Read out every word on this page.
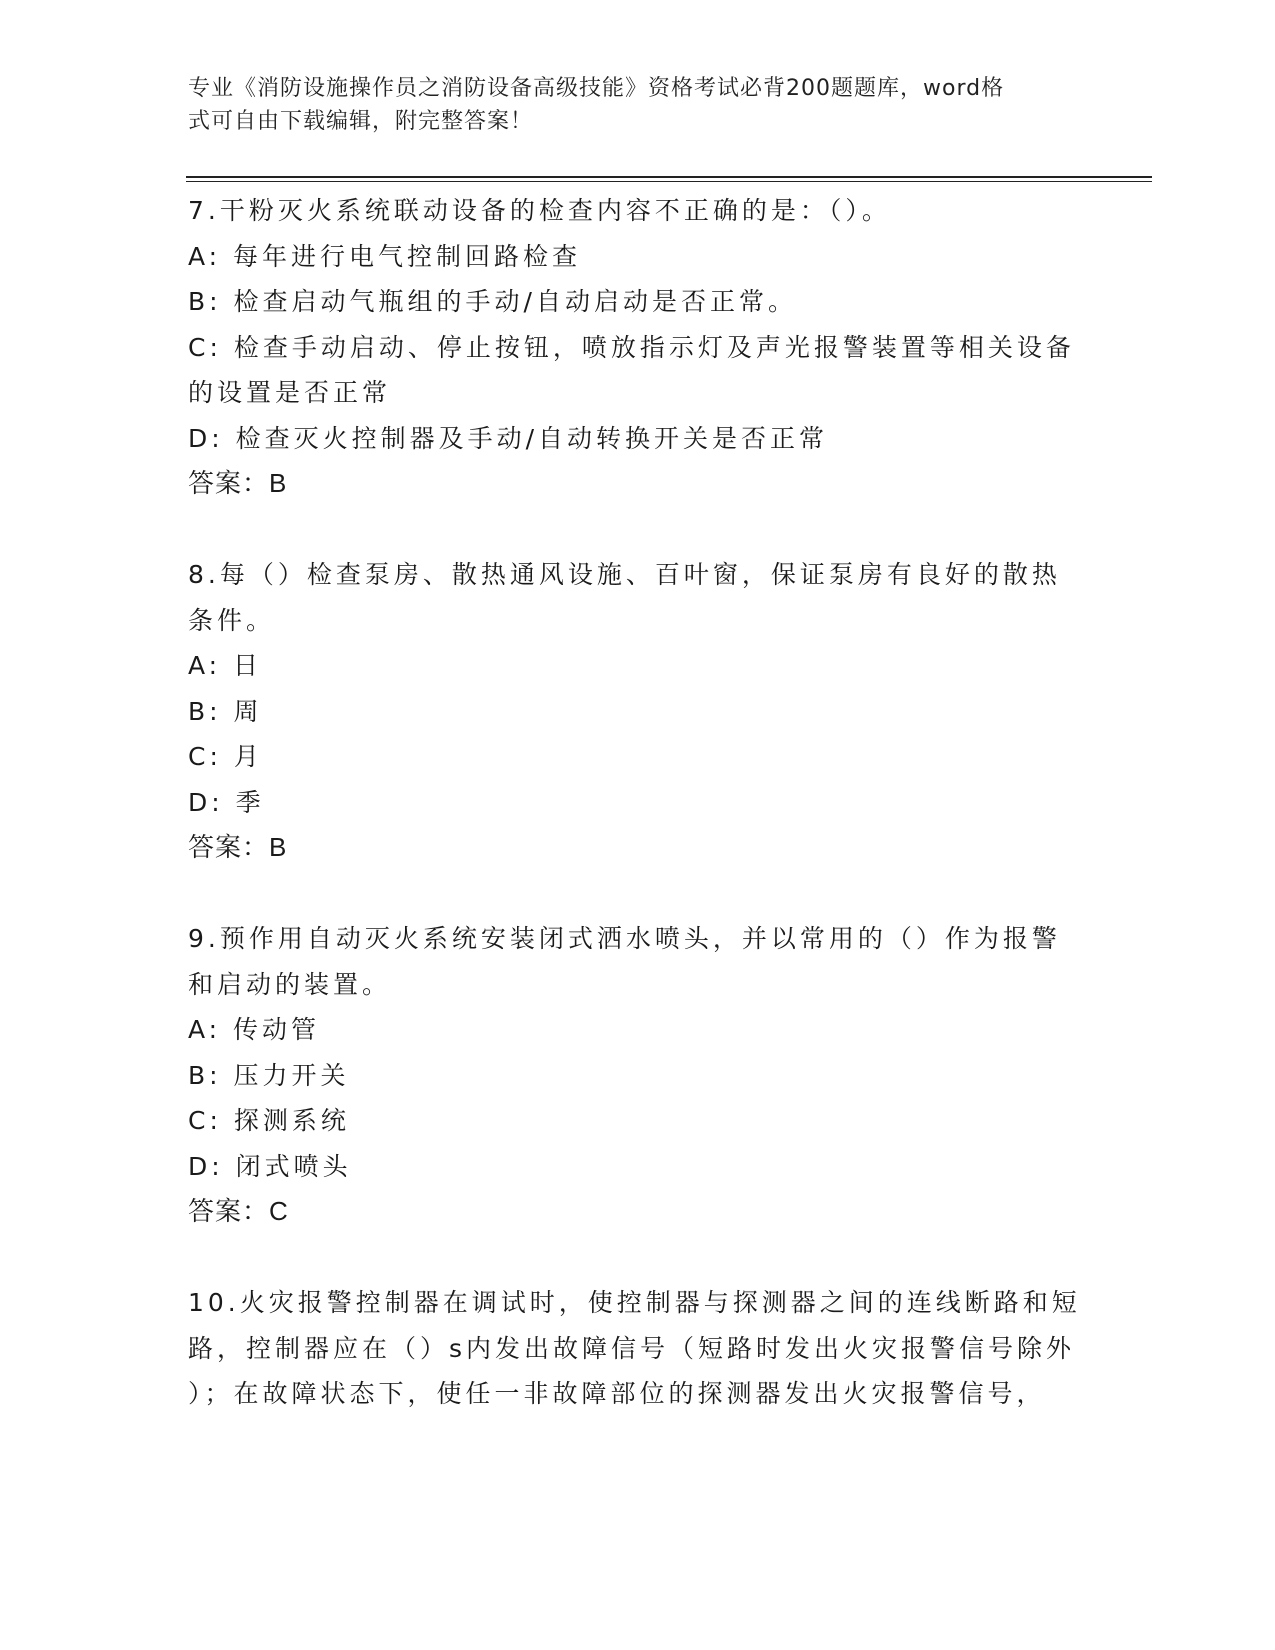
专业《消防设施操作员之消防设备高级技能》资格考试必背200题题库，word格
式可自由下载编辑，附完整答案！
7.干粉灭火系统联动设备的检查内容不正确的是：（）。
A: 每年进行电气控制回路检查
B: 检查启动气瓶组的手动/自动启动是否正常。
C: 检查手动启动、停止按钮，喷放指示灯及声光报警装置等相关设备
的设置是否正常
D: 检查灭火控制器及手动/自动转换开关是否正常
答案：B
8.每（）检查泵房、散热通风设施、百叶窗，保证泵房有良好的散热
条件。
A: 日
B: 周
C: 月
D: 季
答案：B
9.预作用自动灭火系统安装闭式洒水喷头，并以常用的（）作为报警
和启动的装置。
A: 传动管
B: 压力开关
C: 探测系统
D: 闭式喷头
答案：C
10.火灾报警控制器在调试时，使控制器与探测器之间的连线断路和短
路，控制器应在（）s内发出故障信号（短路时发出火灾报警信号除外
）；在故障状态下，使任一非故障部位的探测器发出火灾报警信号，
